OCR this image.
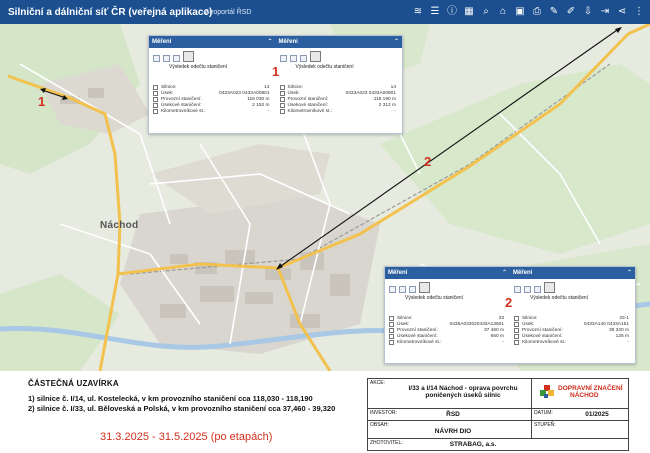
Silniční a dálniční síť ČR (veřejná aplikace)
Geoportál ŘSD	≋ ☰ ⓘ ▦ ⌕	⌂ ▣ ⎙ ✎ ✐ ⇩ ⇥ ⋖ ⋮
Náchod
1
2
Měření	⌃	Měření	⌃
Výsledek odečtu staničení
Silnice:	14
Úsek:	0433A023 0433A00801
Provozní staničení:	118 030 m
Úsekové staničení:	2 152 m
Kilometrovníkové st.:	-
Výsledek odečtu staničení
Silnice:	14
Úsek:	0433A023 0433A00801
Provozní staničení:	118 190 m
Úsekové staničení:	2 312 m
Kilometrovníkové st.:	-
1
Měření	⌃	Měření	⌃
Výsledek odečtu staničení
Silnice:	33
Úsek:	0435A033020433A13501
Provozní staničení:	37 460 m
Úsekové staničení:	660 m
Kilometrovníkové st.:	-
Výsledek odečtu staničení
Silnice:	33-1
Úsek:	0433A140 0433A151
Provozní staničení:	39 320 m
Úsekové staničení:	125 m
Kilometrovníkové st.:	-
2
ČÁSTEČNÁ UZAVÍRKA
1) silnice č. I/14, ul. Kostelecká, v km provozního staničení cca 118,030 - 118,190
2) silnice č. I/33, ul. Běloveská a Polská, v km provozního staničení cca 37,460 - 39,320
31.3.2025 - 31.5.2025 (po etapách)
AKCE:
I/33 a I/14 Náchod - oprava povrchu poničených úseků silnic
DOPRAVNÍ ZNAČENÍ
NÁCHOD
INVESTOR:	ŘSD	DATUM:	01/2025
OBSAH:
NÁVRH DIO
STUPEŇ:
ZHOTOVITEL:	STRABAG, a.s.
